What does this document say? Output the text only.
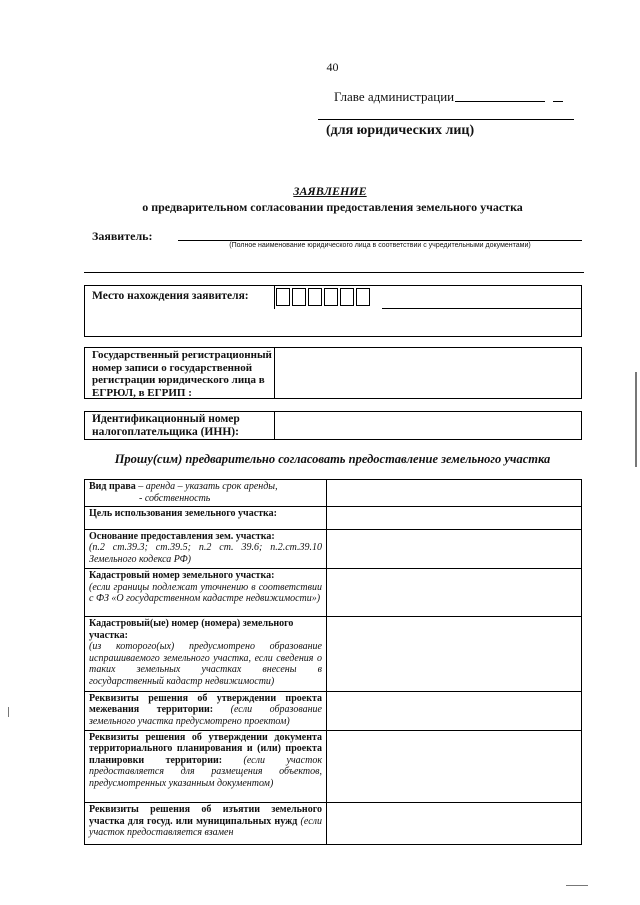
40
Главе администрации
(для юридических лиц)
ЗАЯВЛЕНИЕ
о предварительном согласовании предоставления земельного участка
Заявитель:
(Полное наименование юридического лица в соответствии с учредительными документами)
Место нахождения заявителя:
Государственный регистрационный номер записи о государственной регистрации юридического лица в ЕГРЮЛ, в ЕГРИП :
Идентификационный номер налогоплательщика (ИНН):
Прошу(сим) предварительно согласовать предоставление земельного участка
Вид права – аренда – указать срок аренды,
- собственность	
Цель использования земельного участка:	

Основание предоставления зем. участка:
(п.2 ст.39.3; ст.39.5; п.2 ст. 39.6; п.2.ст.39.10 Земельного кодекса РФ)	

Кадастровый номер земельного участка:
(если границы подлежат уточнению в соответствии с ФЗ «О государственном кадастре недвижимости»)	

Кадастровый(ые) номер (номера) земельного участка:
(из которого(ых) предусмотрено образование испрашиваемого земельного участка, если сведения о таких земельных участках внесены в государственный кадастр недвижимости)	

Реквизиты решения об утверждении проекта межевания территории: (если образование земельного участка предусмотрено проектом)	
Реквизиты решения об утверждении документа территориального планирования и (или) проекта планировки территории: (если участок предоставляется для размещения объектов, предусмотренных указанным документом)	
Реквизиты решения об изъятии земельного участка для госуд. или муниципальных нужд (если участок предоставляется взамен	
